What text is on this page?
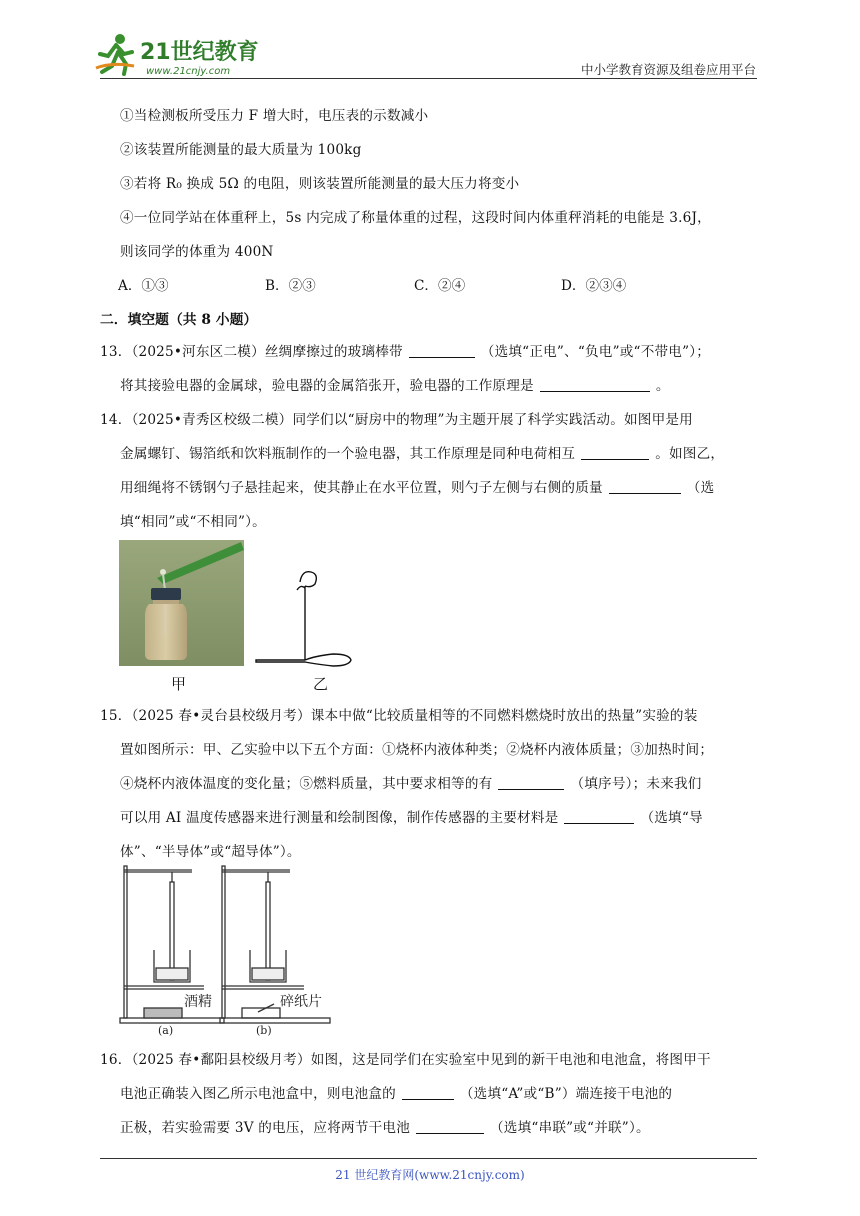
21世纪教育
www.21cnjy.com	中小学教育资源及组卷应用平台
①当检测板所受压力 F 增大时，电压表的示数减小
②该装置所能测量的最大质量为 100kg
③若将 R₀ 换成 5Ω 的电阻，则该装置所能测量的最大压力将变小
④一位同学站在体重秤上，5s 内完成了称量体重的过程，这段时间内体重秤消耗的电能是 3.6J，
则该同学的体重为 400N
A．①③	B．②③	C．②④	D．②③④
二．填空题（共 8 小题）
13．（2025•河东区二模）丝绸摩擦过的玻璃棒带	（选填“正电”、“负电”或“不带电”）；
将其接验电器的金属球，验电器的金属箔张开，验电器的工作原理是	。
14．（2025•青秀区校级二模）同学们以“厨房中的物理”为主题开展了科学实践活动。如图甲是用
金属螺钉、锡箔纸和饮料瓶制作的一个验电器，其工作原理是同种电荷相互	。如图乙，
用细绳将不锈钢勺子悬挂起来，使其静止在水平位置，则勺子左侧与右侧的质量	（选
填“相同”或“不相同”）。
甲	乙
15．（2025 春•灵台县校级月考）课本中做“比较质量相等的不同燃料燃烧时放出的热量”实验的装
置如图所示：甲、乙实验中以下五个方面：①烧杯内液体种类；②烧杯内液体质量；③加热时间；
④烧杯内液体温度的变化量；⑤燃料质量，其中要求相等的有	（填序号）；未来我们
可以用 AI 温度传感器来进行测量和绘制图像，制作传感器的主要材料是	（选填“导
体”、“半导体”或“超导体”）。
酒精	碎纸片
(a)	(b)
16．（2025 春•鄱阳县校级月考）如图，这是同学们在实验室中见到的新干电池和电池盒，将图甲干
电池正确装入图乙所示电池盒中，则电池盒的	（选填“A”或“B”）端连接干电池的
正极，若实验需要 3V 的电压，应将两节干电池	（选填“串联”或“并联”）。
21 世纪教育网(www.21cnjy.com)
